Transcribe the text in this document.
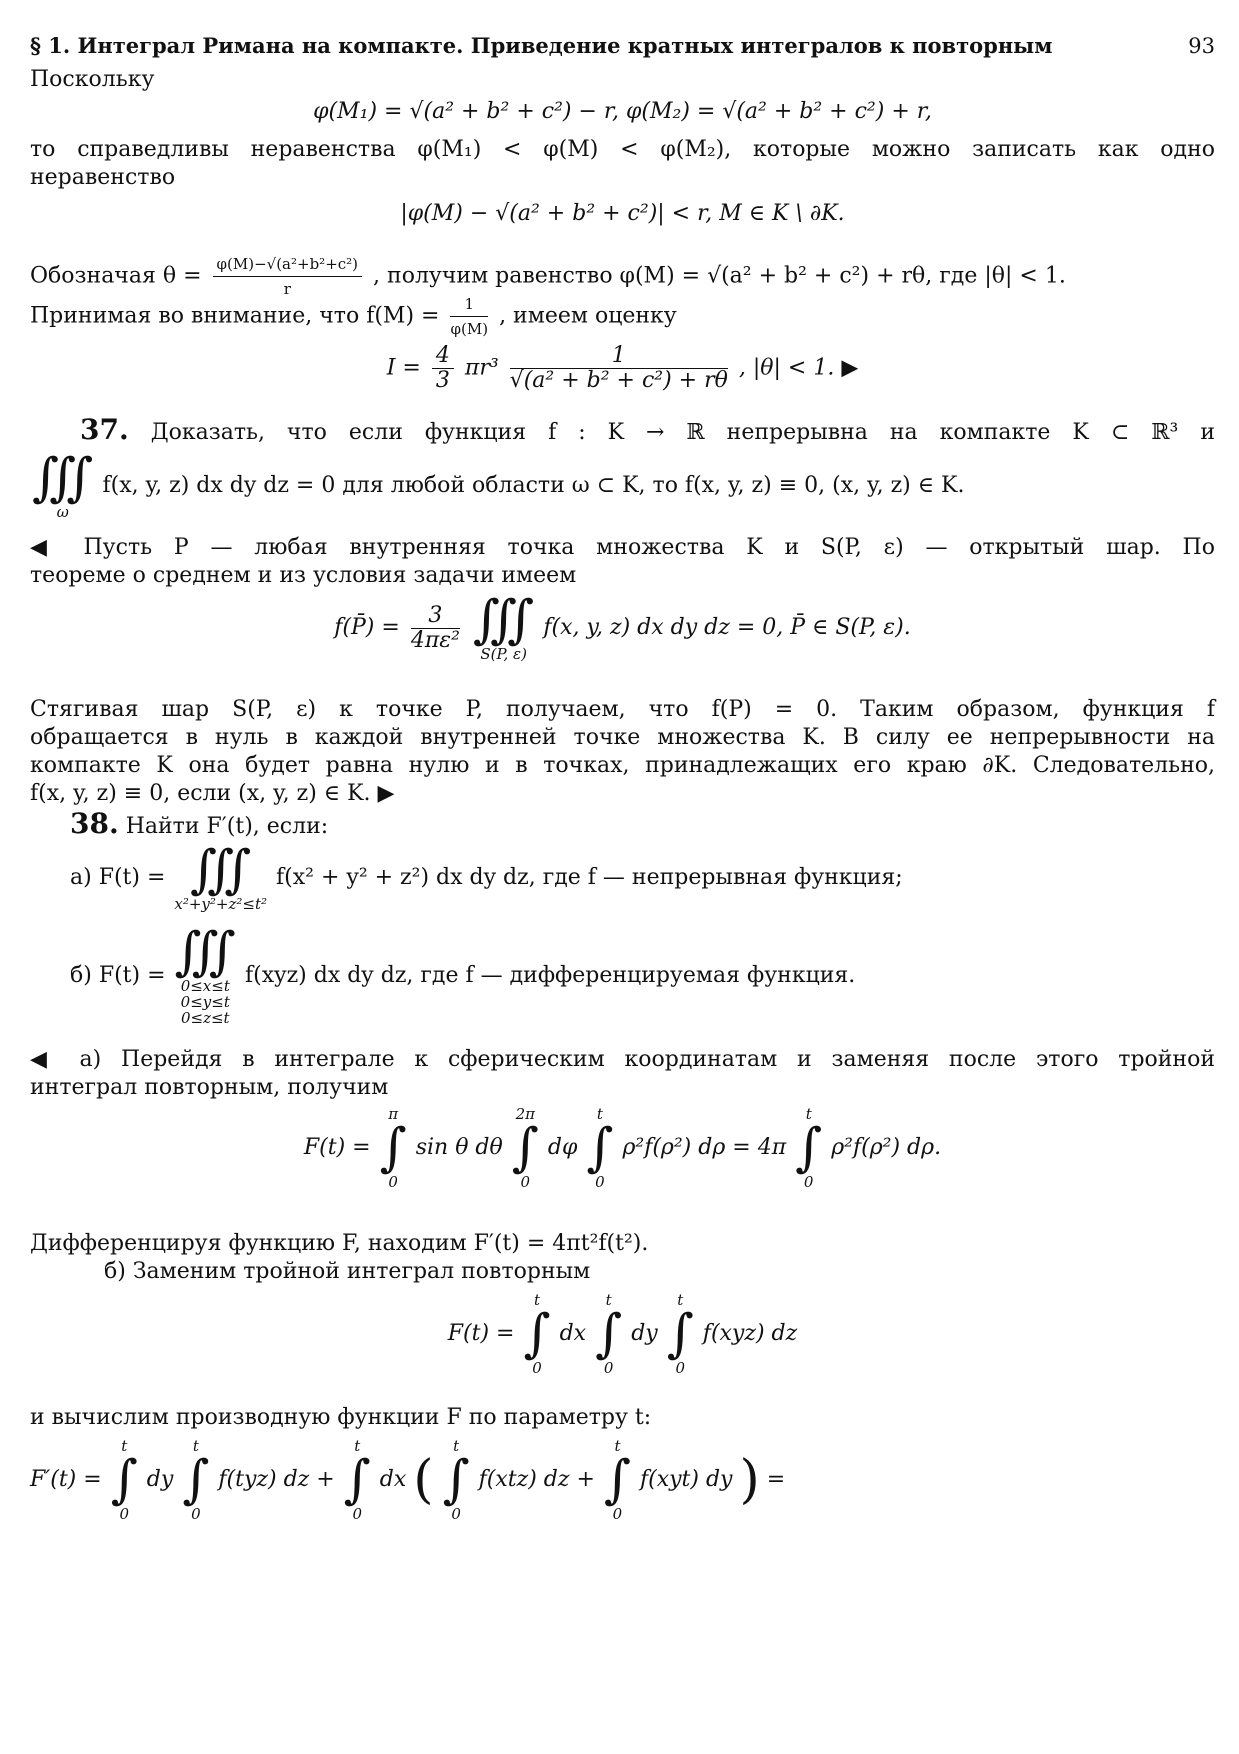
§ 1. Интеграл Римана на компакте. Приведение кратных интегралов к повторным	93
Поскольку
φ(M₁) = √(a² + b² + c²) − r, φ(M₂) = √(a² + b² + c²) + r,
то справедливы неравенства φ(M₁) < φ(M) < φ(M₂), которые можно записать как одно
неравенство
|φ(M) − √(a² + b² + c²)| < r, M ∈ K \ ∂K.
Обозначая $\theta = \frac{\text{φ(M)−√(a²+b²+c²)}}{r}$ , получим равенство φ(M) = √(a² + b² + c²) + rθ, где |θ| < 1.
Принимая во внимание, что $f(M) = \frac{1}{\varphi(M)}$ , имеем оценку
$I = \frac{4}{3} \pi r^3 \frac{1}{\text{√(a² + b² + c²) + rθ}}$ , |θ| < 1. ▶
37. Доказать, что если функция f : K → ℝ непрерывна на компакте K ⊂ ℝ³ и
∭
ω
f(x, y, z) dx dy dz = 0 для любой области ω ⊂ K, то f(x, y, z) ≡ 0, (x, y, z) ∈ K.
◀ Пусть P — любая внутренняя точка множества K и S(P, ε) — открытый шар. По
теореме о среднем и из условия задачи имеем
f(P̄) = $\frac{3}{\text{4πε²}}$
∭
S(P, ε)
f(x, y, z) dx dy dz = 0, P̄ ∈ S(P, ε).
Стягивая шар S(P, ε) к точке P, получаем, что f(P) = 0. Таким образом, функция f
обращается в нуль в каждой внутренней точке множества K. В силу ее непрерывности на
компакте K она будет равна нулю и в точках, принадлежащих его краю ∂K. Следовательно,
f(x, y, z) ≡ 0, если (x, y, z) ∈ K. ▶
38. Найти F′(t), если:
а) F(t) = ∭
x²+y²+z²≤t²
f(x² + y² + z²) dx dy dz, где f — непрерывная функция;
б) F(t) = ∭
0≤x≤t
0≤y≤t
0≤z≤t
f(xyz) dx dy dz, где f — дифференцируемая функция.
◀ а) Перейдя в интеграле к сферическим координатам и заменяя после этого тройной
интеграл повторным, получим
F(t) =
π
∫
0
sin θ dθ
2π
∫
0
dφ
t
∫
0
ρ²f(ρ²) dρ = 4π
t
∫
0
ρ²f(ρ²) dρ.
Дифференцируя функцию F, находим F′(t) = 4πt²f(t²).
б) Заменим тройной интеграл повторным
F(t) =
t
∫
0
dx
t
∫
0
dy
t
∫
0
f(xyz) dz
и вычислим производную функции F по параметру t:
F′(t) =
t
∫
0
dy
t
∫
0
f(tyz) dz +
t
∫
0
dx (
t
∫
0
f(xtz) dz +
t
∫
0
f(xyt) dy ) =
